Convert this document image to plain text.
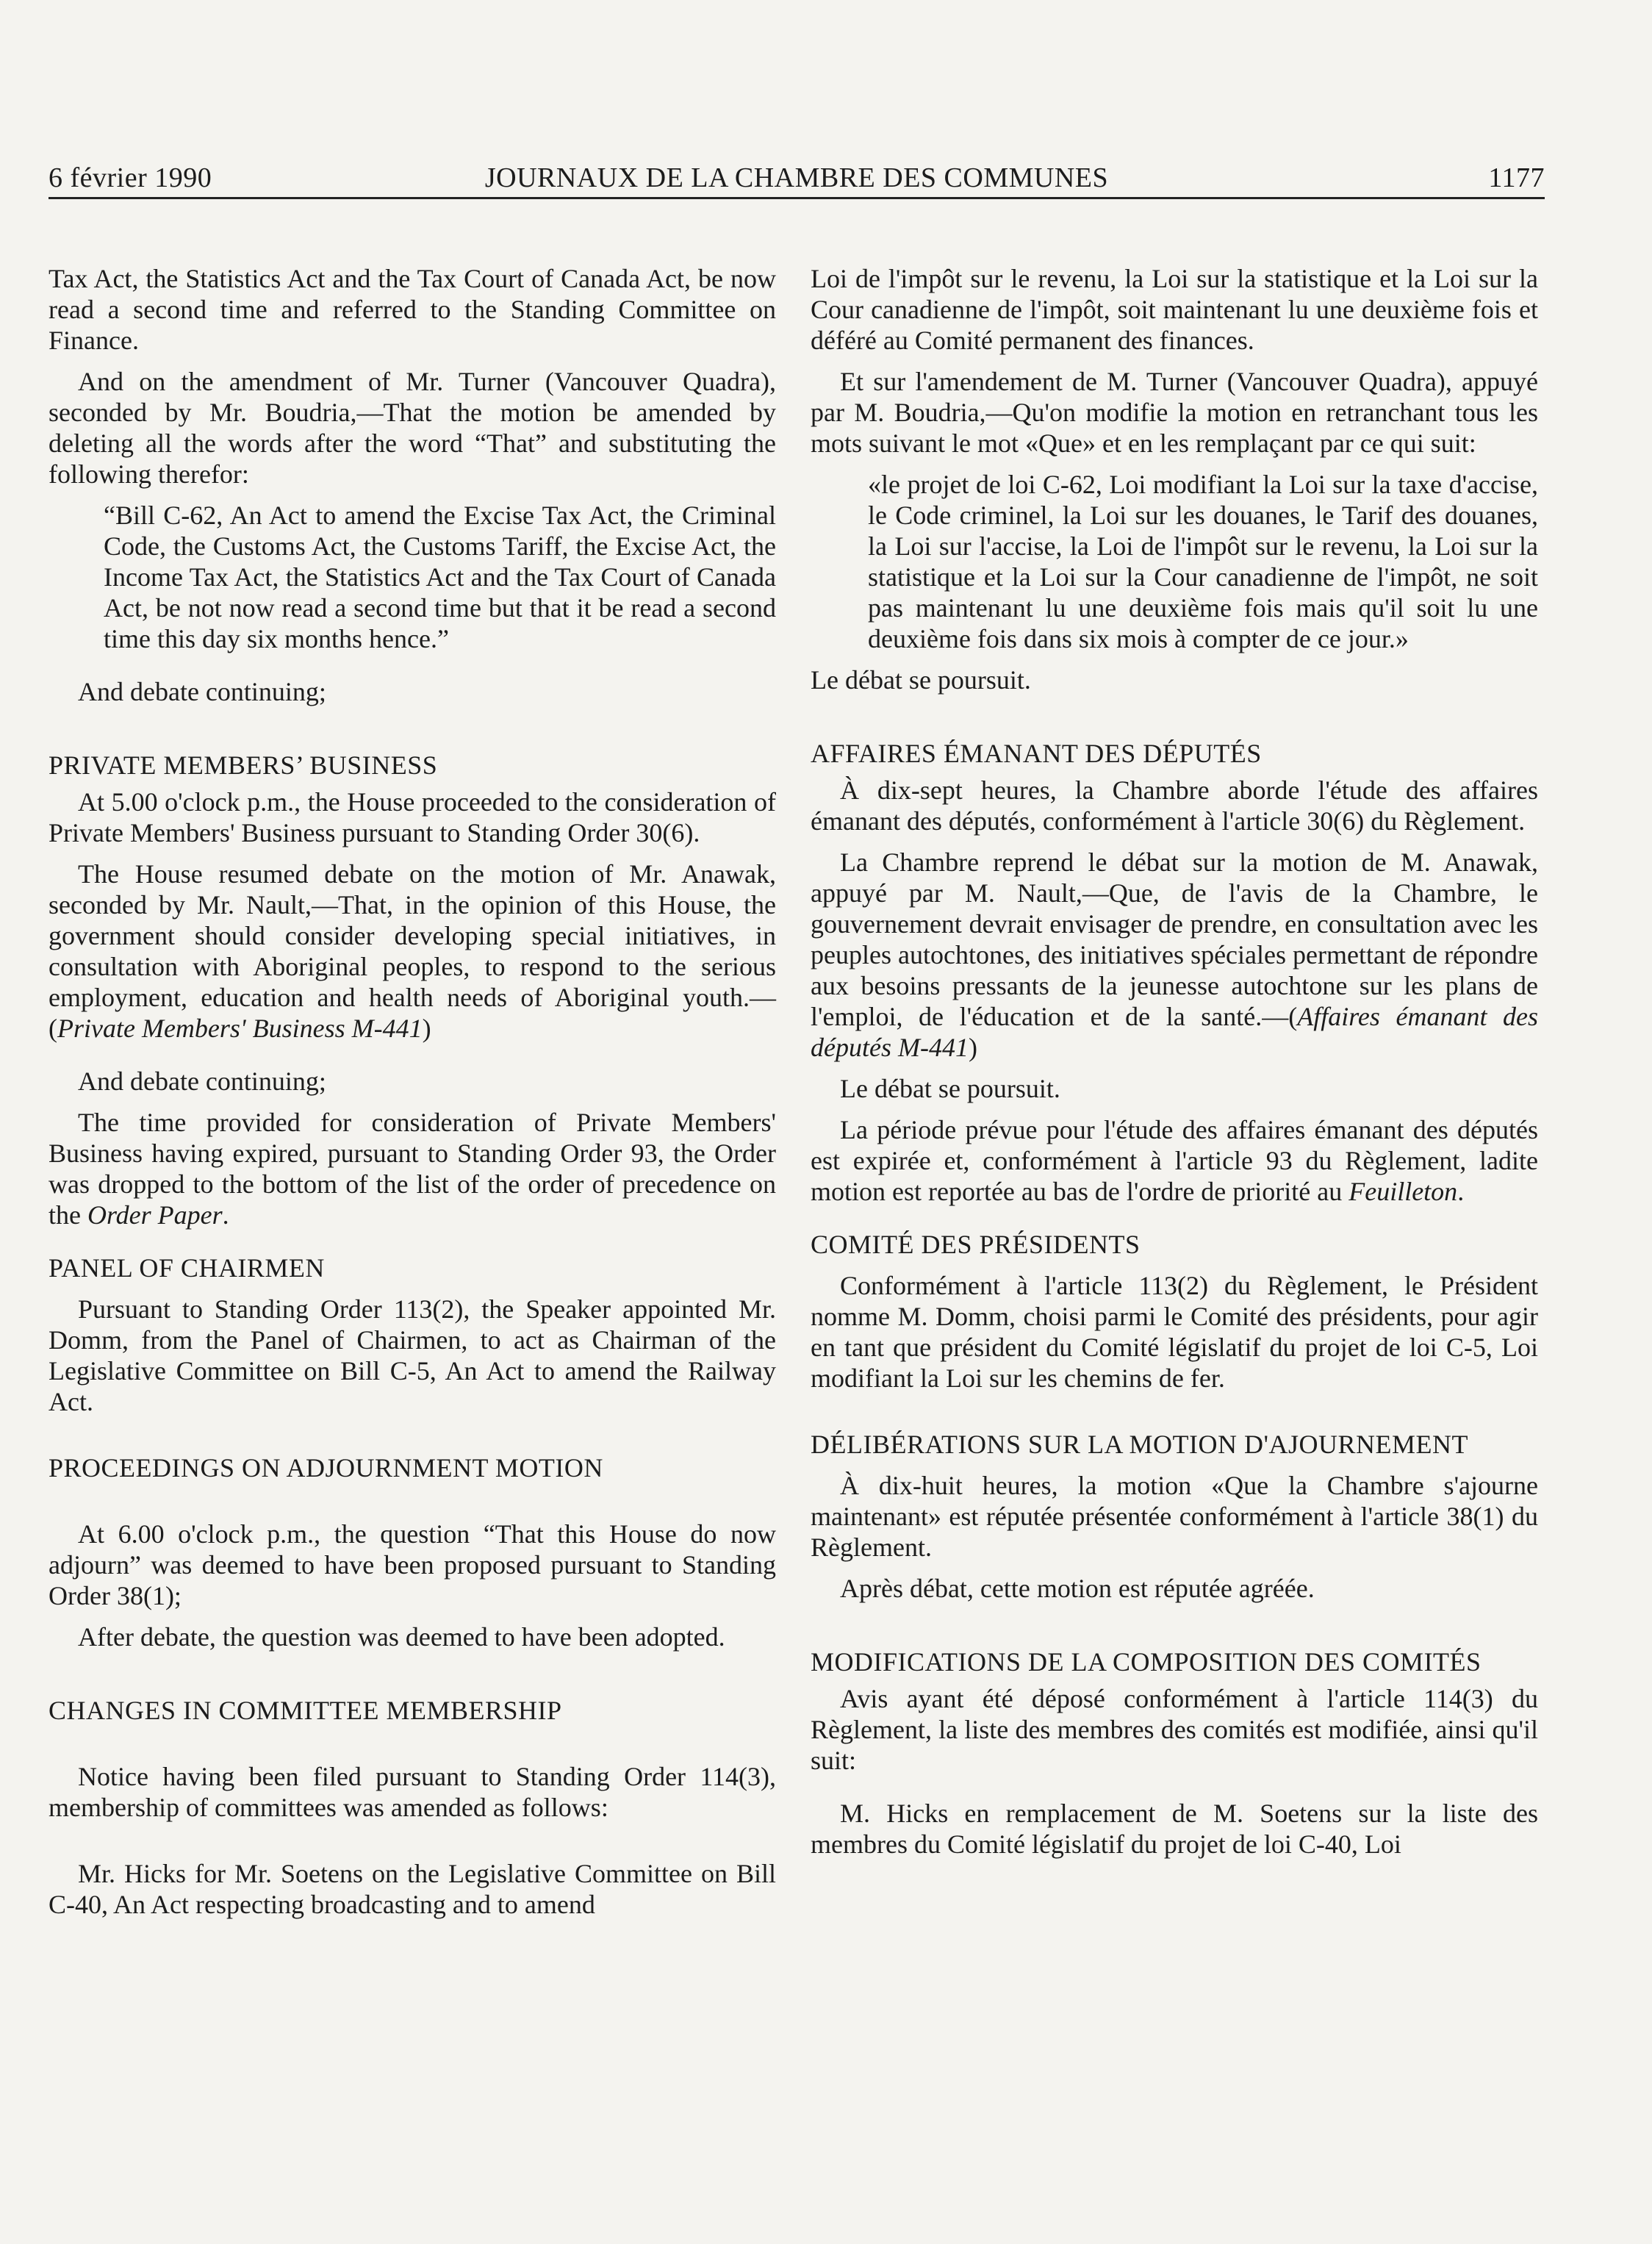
6 février 1990	JOURNAUX DE LA CHAMBRE DES COMMUNES	1177

Tax Act, the Statistics Act and the Tax Court of Canada Act, be now read a second time and referred to the Standing Committee on Finance.

And on the amendment of Mr. Turner (Vancouver Quadra), seconded by Mr. Boudria,—That the motion be amended by deleting all the words after the word “That” and substituting the following therefor:

“Bill C-62, An Act to amend the Excise Tax Act, the Criminal Code, the Customs Act, the Customs Tariff, the Excise Act, the Income Tax Act, the Statistics Act and the Tax Court of Canada Act, be not now read a second time but that it be read a second time this day six months hence.”

And debate continuing;

PRIVATE MEMBERS’ BUSINESS

At 5.00 o'clock p.m., the House proceeded to the consideration of Private Members' Business pursuant to Standing Order 30(6).

The House resumed debate on the motion of Mr. Anawak, seconded by Mr. Nault,—That, in the opinion of this House, the government should consider developing special initiatives, in consultation with Aboriginal peoples, to respond to the serious employment, education and health needs of Aboriginal youth.—(Private Members' Business M-441)

And debate continuing;

The time provided for consideration of Private Members' Business having expired, pursuant to Standing Order 93, the Order was dropped to the bottom of the list of the order of precedence on the Order Paper.

PANEL OF CHAIRMEN

Pursuant to Standing Order 113(2), the Speaker appointed Mr. Domm, from the Panel of Chairmen, to act as Chairman of the Legislative Committee on Bill C-5, An Act to amend the Railway Act.

PROCEEDINGS ON ADJOURNMENT MOTION

At 6.00 o'clock p.m., the question “That this House do now adjourn” was deemed to have been proposed pursuant to Standing Order 38(1);

After debate, the question was deemed to have been adopted.

CHANGES IN COMMITTEE MEMBERSHIP

Notice having been filed pursuant to Standing Order 114(3), membership of committees was amended as follows:

Mr. Hicks for Mr. Soetens on the Legislative Committee on Bill C-40, An Act respecting broadcasting and to amend

Loi de l'impôt sur le revenu, la Loi sur la statistique et la Loi sur la Cour canadienne de l'impôt, soit maintenant lu une deuxième fois et déféré au Comité permanent des finances.

Et sur l'amendement de M. Turner (Vancouver Quadra), appuyé par M. Boudria,—Qu'on modifie la motion en retranchant tous les mots suivant le mot «Que» et en les remplaçant par ce qui suit:

«le projet de loi C-62, Loi modifiant la Loi sur la taxe d'accise, le Code criminel, la Loi sur les douanes, le Tarif des douanes, la Loi sur l'accise, la Loi de l'impôt sur le revenu, la Loi sur la statistique et la Loi sur la Cour canadienne de l'impôt, ne soit pas maintenant lu une deuxième fois mais qu'il soit lu une deuxième fois dans six mois à compter de ce jour.»

Le débat se poursuit.

AFFAIRES ÉMANANT DES DÉPUTÉS

À dix-sept heures, la Chambre aborde l'étude des affaires émanant des députés, conformément à l'article 30(6) du Règlement.

La Chambre reprend le débat sur la motion de M. Anawak, appuyé par M. Nault,—Que, de l'avis de la Chambre, le gouvernement devrait envisager de prendre, en consultation avec les peuples autochtones, des initiatives spéciales permettant de répondre aux besoins pressants de la jeunesse autochtone sur les plans de l'emploi, de l'éducation et de la santé.—(Affaires émanant des députés M-441)

Le débat se poursuit.

La période prévue pour l'étude des affaires émanant des députés est expirée et, conformément à l'article 93 du Règlement, ladite motion est reportée au bas de l'ordre de priorité au Feuilleton.

COMITÉ DES PRÉSIDENTS

Conformément à l'article 113(2) du Règlement, le Président nomme M. Domm, choisi parmi le Comité des présidents, pour agir en tant que président du Comité législatif du projet de loi C-5, Loi modifiant la Loi sur les chemins de fer.

DÉLIBÉRATIONS SUR LA MOTION D'AJOURNEMENT

À dix-huit heures, la motion «Que la Chambre s'ajourne maintenant» est réputée présentée conformément à l'article 38(1) du Règlement.

Après débat, cette motion est réputée agréée.

MODIFICATIONS DE LA COMPOSITION DES COMITÉS

Avis ayant été déposé conformément à l'article 114(3) du Règlement, la liste des membres des comités est modifiée, ainsi qu'il suit:

M. Hicks en remplacement de M. Soetens sur la liste des membres du Comité législatif du projet de loi C-40, Loi
